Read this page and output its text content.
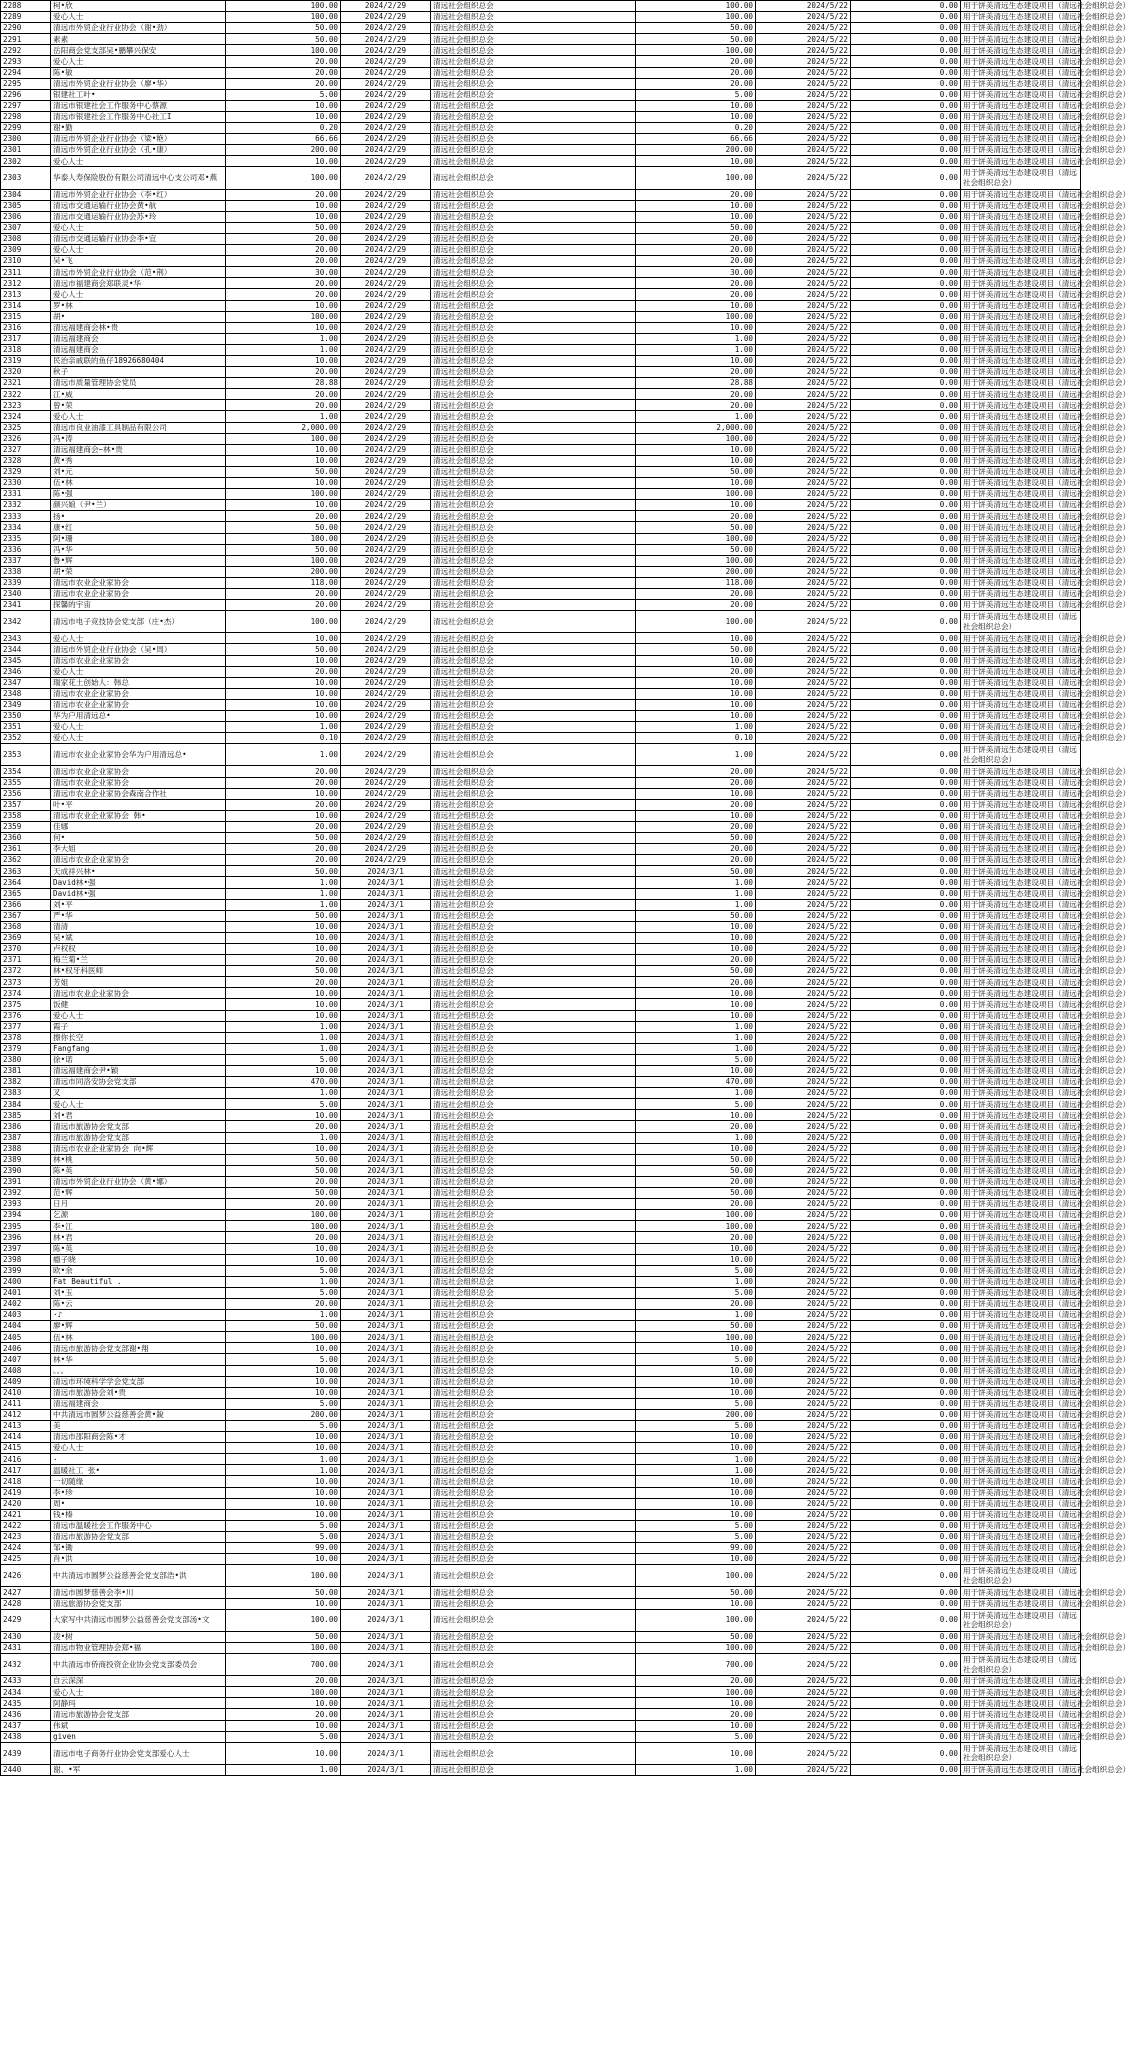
2288	柯•欣	100.00	2024/2/29	清远社会组织总会	100.00	2024/5/22	0.00	用于饼美清远生态建设项目（清远社会组织总会）
2289	爱心人士	100.00	2024/2/29	清远社会组织总会	100.00	2024/5/22	0.00	用于饼美清远生态建设项目（清远社会组织总会）
2290	清远市外贸企业行业协会（谢•劲）	50.00	2024/2/29	清远社会组织总会	50.00	2024/5/22	0.00	用于饼美清远生态建设项目（清远社会组织总会）
2291	素素	50.00	2024/2/29	清远社会组织总会	50.00	2024/5/22	0.00	用于饼美清远生态建设项目（清远社会组织总会）
2292	岳阳商会党支部吴•鹏攀兴保安	100.00	2024/2/29	清远社会组织总会	100.00	2024/5/22	0.00	用于饼美清远生态建设项目（清远社会组织总会）
2293	爱心人士	20.00	2024/2/29	清远社会组织总会	20.00	2024/5/22	0.00	用于饼美清远生态建设项目（清远社会组织总会）
2294	陈•敏	20.00	2024/2/29	清远社会组织总会	20.00	2024/5/22	0.00	用于饼美清远生态建设项目（清远社会组织总会）
2295	清远市外贸企业行业协会（廖•华）	20.00	2024/2/29	清远社会组织总会	20.00	2024/5/22	0.00	用于饼美清远生态建设项目（清远社会组织总会）
2296	银建社工叶•	5.00	2024/2/29	清远社会组织总会	5.00	2024/5/22	0.00	用于饼美清远生态建设项目（清远社会组织总会）
2297	清远市银建社会工作服务中心蔡源	10.00	2024/2/29	清远社会组织总会	10.00	2024/5/22	0.00	用于饼美清远生态建设项目（清远社会组织总会）
2298	清远市银建社会工作服务中心社工I	10.00	2024/2/29	清远社会组织总会	10.00	2024/5/22	0.00	用于饼美清远生态建设项目（清远社会组织总会）
2299	谢•勤	0.20	2024/2/29	清远社会组织总会	0.20	2024/5/22	0.00	用于饼美清远生态建设项目（清远社会组织总会）
2300	清远市外贸企业行业协会（梁•艳）	66.66	2024/2/29	清远社会组织总会	66.66	2024/5/22	0.00	用于饼美清远生态建设项目（清远社会组织总会）
2301	清远市外贸企业行业协会（孔•康）	200.00	2024/2/29	清远社会组织总会	200.00	2024/5/22	0.00	用于饼美清远生态建设项目（清远社会组织总会）
2302	爱心人士	10.00	2024/2/29	清远社会组织总会	10.00	2024/5/22	0.00	用于饼美清远生态建设项目（清远社会组织总会）
2303	华泰人寿保险股份有限公司清远中心支公司邓•燕	100.00	2024/2/29	清远社会组织总会	100.00	2024/5/22	0.00	用于饼美清远生态建设项目（清远社会组织总会）
2304	清远市外贸企业行业协会（李•红）	20.00	2024/2/29	清远社会组织总会	20.00	2024/5/22	0.00	用于饼美清远生态建设项目（清远社会组织总会）
2305	清远市交通运输行业协会黄•航	10.00	2024/2/29	清远社会组织总会	10.00	2024/5/22	0.00	用于饼美清远生态建设项目（清远社会组织总会）
2306	清远市交通运输行业协会苏•玲	10.00	2024/2/29	清远社会组织总会	10.00	2024/5/22	0.00	用于饼美清远生态建设项目（清远社会组织总会）
2307	爱心人士	50.00	2024/2/29	清远社会组织总会	50.00	2024/5/22	0.00	用于饼美清远生态建设项目（清远社会组织总会）
2308	清远市交通运输行业协会李•宜	20.00	2024/2/29	清远社会组织总会	20.00	2024/5/22	0.00	用于饼美清远生态建设项目（清远社会组织总会）
2309	爱心人士	20.00	2024/2/29	清远社会组织总会	20.00	2024/5/22	0.00	用于饼美清远生态建设项目（清远社会组织总会）
2310	吴•飞	20.00	2024/2/29	清远社会组织总会	20.00	2024/5/22	0.00	用于饼美清远生态建设项目（清远社会组织总会）
2311	清远市外贸企业行业协会（范•荆）	30.00	2024/2/29	清远社会组织总会	30.00	2024/5/22	0.00	用于饼美清远生态建设项目（清远社会组织总会）
2312	清远市福建商会郑联灵•华	20.00	2024/2/29	清远社会组织总会	20.00	2024/5/22	0.00	用于饼美清远生态建设项目（清远社会组织总会）
2313	爱心人士	20.00	2024/2/29	清远社会组织总会	20.00	2024/5/22	0.00	用于饼美清远生态建设项目（清远社会组织总会）
2314	罗•林	10.00	2024/2/29	清远社会组织总会	10.00	2024/5/22	0.00	用于饼美清远生态建设项目（清远社会组织总会）
2315	胡•	100.00	2024/2/29	清远社会组织总会	100.00	2024/5/22	0.00	用于饼美清远生态建设项目（清远社会组织总会）
2316	清远福建商会林•贵	10.00	2024/2/29	清远社会组织总会	10.00	2024/5/22	0.00	用于饼美清远生态建设项目（清远社会组织总会）
2317	清远福建商会	1.00	2024/2/29	清远社会组织总会	1.00	2024/5/22	0.00	用于饼美清远生态建设项目（清远社会组织总会）
2318	清远福建商会	1.00	2024/2/29	清远社会组织总会	1.00	2024/5/22	0.00	用于饼美清远生态建设项目（清远社会组织总会）
2319	民治亲戚联的鱼仔18926680404	10.00	2024/2/29	清远社会组织总会	10.00	2024/5/22	0.00	用于饼美清远生态建设项目（清远社会组织总会）
2320	秋子	20.00	2024/2/29	清远社会组织总会	20.00	2024/5/22	0.00	用于饼美清远生态建设项目（清远社会组织总会）
2321	清远市质量管理协会党员	28.88	2024/2/29	清远社会组织总会	28.88	2024/5/22	0.00	用于饼美清远生态建设项目（清远社会组织总会）
2322	江•威	20.00	2024/2/29	清远社会组织总会	20.00	2024/5/22	0.00	用于饼美清远生态建设项目（清远社会组织总会）
2323	曾•荣	20.00	2024/2/29	清远社会组织总会	20.00	2024/5/22	0.00	用于饼美清远生态建设项目（清远社会组织总会）
2324	爱心人士	1.00	2024/2/29	清远社会组织总会	1.00	2024/5/22	0.00	用于饼美清远生态建设项目（清远社会组织总会）
2325	清远市良业油漆工具制品有限公司	2,000.00	2024/2/29	清远社会组织总会	2,000.00	2024/5/22	0.00	用于饼美清远生态建设项目（清远社会组织总会）
2326	冯•涛	100.00	2024/2/29	清远社会组织总会	100.00	2024/5/22	0.00	用于饼美清远生态建设项目（清远社会组织总会）
2327	清远福建商会~林•贵	10.00	2024/2/29	清远社会组织总会	10.00	2024/5/22	0.00	用于饼美清远生态建设项目（清远社会组织总会）
2328	黄•秀	10.00	2024/2/29	清远社会组织总会	10.00	2024/5/22	0.00	用于饼美清远生态建设项目（清远社会组织总会）
2329	刘•元	50.00	2024/2/29	清远社会组织总会	50.00	2024/5/22	0.00	用于饼美清远生态建设项目（清远社会组织总会）
2330	伍•林	10.00	2024/2/29	清远社会组织总会	10.00	2024/5/22	0.00	用于饼美清远生态建设项目（清远社会组织总会）
2331	陈•强	100.00	2024/2/29	清远社会组织总会	100.00	2024/5/22	0.00	用于饼美清远生态建设项目（清远社会组织总会）
2332	颜兴娘（尹•兰）	10.00	2024/2/29	清远社会组织总会	10.00	2024/5/22	0.00	用于饼美清远生态建设项目（清远社会组织总会）
2333	扬•	20.00	2024/2/29	清远社会组织总会	20.00	2024/5/22	0.00	用于饼美清远生态建设项目（清远社会组织总会）
2334	康•红	50.00	2024/2/29	清远社会组织总会	50.00	2024/5/22	0.00	用于饼美清远生态建设项目（清远社会组织总会）
2335	阿•珊	100.00	2024/2/29	清远社会组织总会	100.00	2024/5/22	0.00	用于饼美清远生态建设项目（清远社会组织总会）
2336	冯•华	50.00	2024/2/29	清远社会组织总会	50.00	2024/5/22	0.00	用于饼美清远生态建设项目（清远社会组织总会）
2337	鲁•辉	100.00	2024/2/29	清远社会组织总会	100.00	2024/5/22	0.00	用于饼美清远生态建设项目（清远社会组织总会）
2338	胡•荣	200.00	2024/2/29	清远社会组织总会	200.00	2024/5/22	0.00	用于饼美清远生态建设项目（清远社会组织总会）
2339	清远市农业企业家协会	118.00	2024/2/29	清远社会组织总会	118.00	2024/5/22	0.00	用于饼美清远生态建设项目（清远社会组织总会）
2340	清远市农业企业家协会	20.00	2024/2/29	清远社会组织总会	20.00	2024/5/22	0.00	用于饼美清远生态建设项目（清远社会组织总会）
2341	探馨的宇宙	20.00	2024/2/29	清远社会组织总会	20.00	2024/5/22	0.00	用于饼美清远生态建设项目（清远社会组织总会）
2342	清远市电子竞技协会党支部（庄•杰）	100.00	2024/2/29	清远社会组织总会	100.00	2024/5/22	0.00	用于饼美清远生态建设项目（清远社会组织总会）
2343	爱心人士	10.00	2024/2/29	清远社会组织总会	10.00	2024/5/22	0.00	用于饼美清远生态建设项目（清远社会组织总会）
2344	清远市外贸企业行业协会（吴•周）	50.00	2024/2/29	清远社会组织总会	50.00	2024/5/22	0.00	用于饼美清远生态建设项目（清远社会组织总会）
2345	清远市农业企业家协会	10.00	2024/2/29	清远社会组织总会	10.00	2024/5/22	0.00	用于饼美清远生态建设项目（清远社会组织总会）
2346	爱心人士	20.00	2024/2/29	清远社会组织总会	20.00	2024/5/22	0.00	用于饼美清远生态建设项目（清远社会组织总会）
2347	瑞家花土创始人：韩总	10.00	2024/2/29	清远社会组织总会	10.00	2024/5/22	0.00	用于饼美清远生态建设项目（清远社会组织总会）
2348	清远市农业企业家协会	10.00	2024/2/29	清远社会组织总会	10.00	2024/5/22	0.00	用于饼美清远生态建设项目（清远社会组织总会）
2349	清远市农业企业家协会	10.00	2024/2/29	清远社会组织总会	10.00	2024/5/22	0.00	用于饼美清远生态建设项目（清远社会组织总会）
2350	华为户用清远总•	10.00	2024/2/29	清远社会组织总会	10.00	2024/5/22	0.00	用于饼美清远生态建设项目（清远社会组织总会）
2351	爱心人士	1.00	2024/2/29	清远社会组织总会	1.00	2024/5/22	0.00	用于饼美清远生态建设项目（清远社会组织总会）
2352	爱心人士	0.10	2024/2/29	清远社会组织总会	0.10	2024/5/22	0.00	用于饼美清远生态建设项目（清远社会组织总会）
2353	清远市农业企业家协会华为户用清远总•	1.00	2024/2/29	清远社会组织总会	1.00	2024/5/22	0.00	用于饼美清远生态建设项目（清远社会组织总会）
2354	清远市农业企业家协会	20.00	2024/2/29	清远社会组织总会	20.00	2024/5/22	0.00	用于饼美清远生态建设项目（清远社会组织总会）
2355	清远市农业企业家协会	20.00	2024/2/29	清远社会组织总会	20.00	2024/5/22	0.00	用于饼美清远生态建设项目（清远社会组织总会）
2356	清远市农业企业家协会森南合作社	10.00	2024/2/29	清远社会组织总会	10.00	2024/5/22	0.00	用于饼美清远生态建设项目（清远社会组织总会）
2357	叶•平	20.00	2024/2/29	清远社会组织总会	20.00	2024/5/22	0.00	用于饼美清远生态建设项目（清远社会组织总会）
2358	清远市农业企业家协会 韩•	10.00	2024/2/29	清远社会组织总会	10.00	2024/5/22	0.00	用于饼美清远生态建设项目（清远社会组织总会）
2359	佳娜	20.00	2024/2/29	清远社会组织总会	20.00	2024/5/22	0.00	用于饼美清远生态建设项目（清远社会组织总会）
2360	何•	50.00	2024/2/29	清远社会组织总会	50.00	2024/5/22	0.00	用于饼美清远生态建设项目（清远社会组织总会）
2361	李大姐	20.00	2024/2/29	清远社会组织总会	20.00	2024/5/22	0.00	用于饼美清远生态建设项目（清远社会组织总会）
2362	清远市农业企业家协会	20.00	2024/2/29	清远社会组织总会	20.00	2024/5/22	0.00	用于饼美清远生态建设项目（清远社会组织总会）
2363	天成祥兴林•	50.00	2024/3/1	清远社会组织总会	50.00	2024/5/22	0.00	用于饼美清远生态建设项目（清远社会组织总会）
2364	David林•强	1.00	2024/3/1	清远社会组织总会	1.00	2024/5/22	0.00	用于饼美清远生态建设项目（清远社会组织总会）
2365	David林•强	1.00	2024/3/1	清远社会组织总会	1.00	2024/5/22	0.00	用于饼美清远生态建设项目（清远社会组织总会）
2366	刘•平	1.00	2024/3/1	清远社会组织总会	1.00	2024/5/22	0.00	用于饼美清远生态建设项目（清远社会组织总会）
2367	严•华	50.00	2024/3/1	清远社会组织总会	50.00	2024/5/22	0.00	用于饼美清远生态建设项目（清远社会组织总会）
2368	清清	10.00	2024/3/1	清远社会组织总会	10.00	2024/5/22	0.00	用于饼美清远生态建设项目（清远社会组织总会）
2369	吴•斌	10.00	2024/3/1	清远社会组织总会	10.00	2024/5/22	0.00	用于饼美清远生态建设项目（清远社会组织总会）
2370	卢权权	10.00	2024/3/1	清远社会组织总会	10.00	2024/5/22	0.00	用于饼美清远生态建设项目（清远社会组织总会）
2371	梅兰菊•兰	20.00	2024/3/1	清远社会组织总会	20.00	2024/5/22	0.00	用于饼美清远生态建设项目（清远社会组织总会）
2372	林•权牙科医师	50.00	2024/3/1	清远社会组织总会	50.00	2024/5/22	0.00	用于饼美清远生态建设项目（清远社会组织总会）
2373	芳姐	20.00	2024/3/1	清远社会组织总会	20.00	2024/5/22	0.00	用于饼美清远生态建设项目（清远社会组织总会）
2374	清远市农业企业家协会	10.00	2024/3/1	清远社会组织总会	10.00	2024/5/22	0.00	用于饼美清远生态建设项目（清远社会组织总会）
2375	饭健	10.00	2024/3/1	清远社会组织总会	10.00	2024/5/22	0.00	用于饼美清远生态建设项目（清远社会组织总会）
2376	爱心人士	10.00	2024/3/1	清远社会组织总会	10.00	2024/5/22	0.00	用于饼美清远生态建设项目（清远社会组织总会）
2377	霞子	1.00	2024/3/1	清远社会组织总会	1.00	2024/5/22	0.00	用于饼美清远生态建设项目（清远社会组织总会）
2378	擦你长空	1.00	2024/3/1	清远社会组织总会	1.00	2024/5/22	0.00	用于饼美清远生态建设项目（清远社会组织总会）
2379	Fangfang	1.00	2024/3/1	清远社会组织总会	1.00	2024/5/22	0.00	用于饼美清远生态建设项目（清远社会组织总会）
2380	徐•诺	5.00	2024/3/1	清远社会组织总会	5.00	2024/5/22	0.00	用于饼美清远生态建设项目（清远社会组织总会）
2381	清远福建商会尹•颖	10.00	2024/3/1	清远社会组织总会	10.00	2024/5/22	0.00	用于饼美清远生态建设项目（清远社会组织总会）
2382	清远市同洛安协会党支部	470.00	2024/3/1	清远社会组织总会	470.00	2024/5/22	0.00	用于饼美清远生态建设项目（清远社会组织总会）
2383	叉	1.00	2024/3/1	清远社会组织总会	1.00	2024/5/22	0.00	用于饼美清远生态建设项目（清远社会组织总会）
2384	爱心人士	5.00	2024/3/1	清远社会组织总会	5.00	2024/5/22	0.00	用于饼美清远生态建设项目（清远社会组织总会）
2385	刘•君	10.00	2024/3/1	清远社会组织总会	10.00	2024/5/22	0.00	用于饼美清远生态建设项目（清远社会组织总会）
2386	清远市旅游协会党支部	20.00	2024/3/1	清远社会组织总会	20.00	2024/5/22	0.00	用于饼美清远生态建设项目（清远社会组织总会）
2387	清远市旅游协会党支部	1.00	2024/3/1	清远社会组织总会	1.00	2024/5/22	0.00	用于饼美清远生态建设项目（清远社会组织总会）
2388	清远市农业企业家协会 向•辉	10.00	2024/3/1	清远社会组织总会	10.00	2024/5/22	0.00	用于饼美清远生态建设项目（清远社会组织总会）
2389	林•桃	50.00	2024/3/1	清远社会组织总会	50.00	2024/5/22	0.00	用于饼美清远生态建设项目（清远社会组织总会）
2390	陈•英	50.00	2024/3/1	清远社会组织总会	50.00	2024/5/22	0.00	用于饼美清远生态建设项目（清远社会组织总会）
2391	清远市外贸企业行业协会（黄•娜）	20.00	2024/3/1	清远社会组织总会	20.00	2024/5/22	0.00	用于饼美清远生态建设项目（清远社会组织总会）
2392	范•辉	50.00	2024/3/1	清远社会组织总会	50.00	2024/5/22	0.00	用于饼美清远生态建设项目（清远社会组织总会）
2393	日月	20.00	2024/3/1	清远社会组织总会	20.00	2024/5/22	0.00	用于饼美清远生态建设项目（清远社会组织总会）
2394	乞源	100.00	2024/3/1	清远社会组织总会	100.00	2024/5/22	0.00	用于饼美清远生态建设项目（清远社会组织总会）
2395	李•江	100.00	2024/3/1	清远社会组织总会	100.00	2024/5/22	0.00	用于饼美清远生态建设项目（清远社会组织总会）
2396	林•君	20.00	2024/3/1	清远社会组织总会	20.00	2024/5/22	0.00	用于饼美清远生态建设项目（清远社会组织总会）
2397	陈•英	10.00	2024/3/1	清远社会组织总会	10.00	2024/5/22	0.00	用于饼美清远生态建设项目（清远社会组织总会）
2398	瘾子晓	10.00	2024/3/1	清远社会组织总会	10.00	2024/5/22	0.00	用于饼美清远生态建设项目（清远社会组织总会）
2399	欧•余	5.00	2024/3/1	清远社会组织总会	5.00	2024/5/22	0.00	用于饼美清远生态建设项目（清远社会组织总会）
2400	Fat Beautiful .	1.00	2024/3/1	清远社会组织总会	1.00	2024/5/22	0.00	用于饼美清远生态建设项目（清远社会组织总会）
2401	刘•玉	5.00	2024/3/1	清远社会组织总会	5.00	2024/5/22	0.00	用于饼美清远生态建设项目（清远社会组织总会）
2402	陈•云	20.00	2024/3/1	清远社会组织总会	20.00	2024/5/22	0.00	用于饼美清远生态建设项目（清远社会组织总会）
2403	·♪	1.00	2024/3/1	清远社会组织总会	1.00	2024/5/22	0.00	用于饼美清远生态建设项目（清远社会组织总会）
2404	廖•辉	50.00	2024/3/1	清远社会组织总会	50.00	2024/5/22	0.00	用于饼美清远生态建设项目（清远社会组织总会）
2405	伍•林	100.00	2024/3/1	清远社会组织总会	100.00	2024/5/22	0.00	用于饼美清远生态建设项目（清远社会组织总会）
2406	清远市旅游协会党支部谢•翔	10.00	2024/3/1	清远社会组织总会	10.00	2024/5/22	0.00	用于饼美清远生态建设项目（清远社会组织总会）
2407	林•华	5.00	2024/3/1	清远社会组织总会	5.00	2024/5/22	0.00	用于饼美清远生态建设项目（清远社会组织总会）
2408	。。。	10.00	2024/3/1	清远社会组织总会	10.00	2024/5/22	0.00	用于饼美清远生态建设项目（清远社会组织总会）
2409	清远市环境科学学会党支部	10.00	2024/3/1	清远社会组织总会	10.00	2024/5/22	0.00	用于饼美清远生态建设项目（清远社会组织总会）
2410	清远市旅游协会刘•贵	10.00	2024/3/1	清远社会组织总会	10.00	2024/5/22	0.00	用于饼美清远生态建设项目（清远社会组织总会）
2411	清远福建商会	5.00	2024/3/1	清远社会组织总会	5.00	2024/5/22	0.00	用于饼美清远生态建设项目（清远社会组织总会）
2412	中共清远市圆梦公益慈善会黄•銳	200.00	2024/3/1	清远社会组织总会	200.00	2024/5/22	0.00	用于饼美清远生态建设项目（清远社会组织总会）
2413	美	5.00	2024/3/1	清远社会组织总会	5.00	2024/5/22	0.00	用于饼美清远生态建设项目（清远社会组织总会）
2414	清远市邵阳商会陈•才	10.00	2024/3/1	清远社会组织总会	10.00	2024/5/22	0.00	用于饼美清远生态建设项目（清远社会组织总会）
2415	爱心人士	10.00	2024/3/1	清远社会组织总会	10.00	2024/5/22	0.00	用于饼美清远生态建设项目（清远社会组织总会）
2416	·	1.00	2024/3/1	清远社会组织总会	1.00	2024/5/22	0.00	用于饼美清远生态建设项目（清远社会组织总会）
2417	温暖社工 张•	1.00	2024/3/1	清远社会组织总会	1.00	2024/5/22	0.00	用于饼美清远生态建设项目（清远社会组织总会）
2418	一切随缘	10.00	2024/3/1	清远社会组织总会	10.00	2024/5/22	0.00	用于饼美清远生态建设项目（清远社会组织总会）
2419	李•珍	10.00	2024/3/1	清远社会组织总会	10.00	2024/5/22	0.00	用于饼美清远生态建设项目（清远社会组织总会）
2420	周•	10.00	2024/3/1	清远社会组织总会	10.00	2024/5/22	0.00	用于饼美清远生态建设项目（清远社会组织总会）
2421	钱•榛	10.00	2024/3/1	清远社会组织总会	10.00	2024/5/22	0.00	用于饼美清远生态建设项目（清远社会组织总会）
2422	清远市温暖社会工作服务中心	5.00	2024/3/1	清远社会组织总会	5.00	2024/5/22	0.00	用于饼美清远生态建设项目（清远社会组织总会）
2423	清远市旅游协会党支部	5.00	2024/3/1	清远社会组织总会	5.00	2024/5/22	0.00	用于饼美清远生态建设项目（清远社会组织总会）
2424	邹•锄	99.00	2024/3/1	清远社会组织总会	99.00	2024/5/22	0.00	用于饼美清远生态建设项目（清远社会组织总会）
2425	肖•洪	10.00	2024/3/1	清远社会组织总会	10.00	2024/5/22	0.00	用于饼美清远生态建设项目（清远社会组织总会）
2426	中共清远市圆梦公益慈善会党支部浩•洪	100.00	2024/3/1	清远社会组织总会	100.00	2024/5/22	0.00	用于饼美清远生态建设项目（清远社会组织总会）
2427	清远市圆梦慈善会李•川	50.00	2024/3/1	清远社会组织总会	50.00	2024/5/22	0.00	用于饼美清远生态建设项目（清远社会组织总会）
2428	清远旅游协会党支部	10.00	2024/3/1	清远社会组织总会	10.00	2024/5/22	0.00	用于饼美清远生态建设项目（清远社会组织总会）
2429	大家写中共清远市圆梦公益慈善会党支部汤•文	100.00	2024/3/1	清远社会组织总会	100.00	2024/5/22	0.00	用于饼美清远生态建设项目（清远社会组织总会）
2430	凌•树	50.00	2024/3/1	清远社会组织总会	50.00	2024/5/22	0.00	用于饼美清远生态建设项目（清远社会组织总会）
2431	清远市物业管理协会郑•福	100.00	2024/3/1	清远社会组织总会	100.00	2024/5/22	0.00	用于饼美清远生态建设项目（清远社会组织总会）
2432	中共清远市侨商投资企业协会党支部委员会	700.00	2024/3/1	清远社会组织总会	700.00	2024/5/22	0.00	用于饼美清远生态建设项目（清远社会组织总会）
2433	自云深深	20.00	2024/3/1	清远社会组织总会	20.00	2024/5/22	0.00	用于饼美清远生态建设项目（清远社会组织总会）
2434	爱心人士	100.00	2024/3/1	清远社会组织总会	100.00	2024/5/22	0.00	用于饼美清远生态建设项目（清远社会组织总会）
2435	阿静玛	10.00	2024/3/1	清远社会组织总会	10.00	2024/5/22	0.00	用于饼美清远生态建设项目（清远社会组织总会）
2436	清远市旅游协会党支部	20.00	2024/3/1	清远社会组织总会	20.00	2024/5/22	0.00	用于饼美清远生态建设项目（清远社会组织总会）
2437	伟斌	10.00	2024/3/1	清远社会组织总会	10.00	2024/5/22	0.00	用于饼美清远生态建设项目（清远社会组织总会）
2438	given	5.00	2024/3/1	清远社会组织总会	5.00	2024/5/22	0.00	用于饼美清远生态建设项目（清远社会组织总会）
2439	清远市电子商务行业协会党支部爱心人士	10.00	2024/3/1	清远社会组织总会	10.00	2024/5/22	0.00	用于饼美清远生态建设项目（清远社会组织总会）
2440	谢、•军	1.00	2024/3/1	清远社会组织总会	1.00	2024/5/22	0.00	用于饼美清远生态建设项目（清远社会组织总会）
